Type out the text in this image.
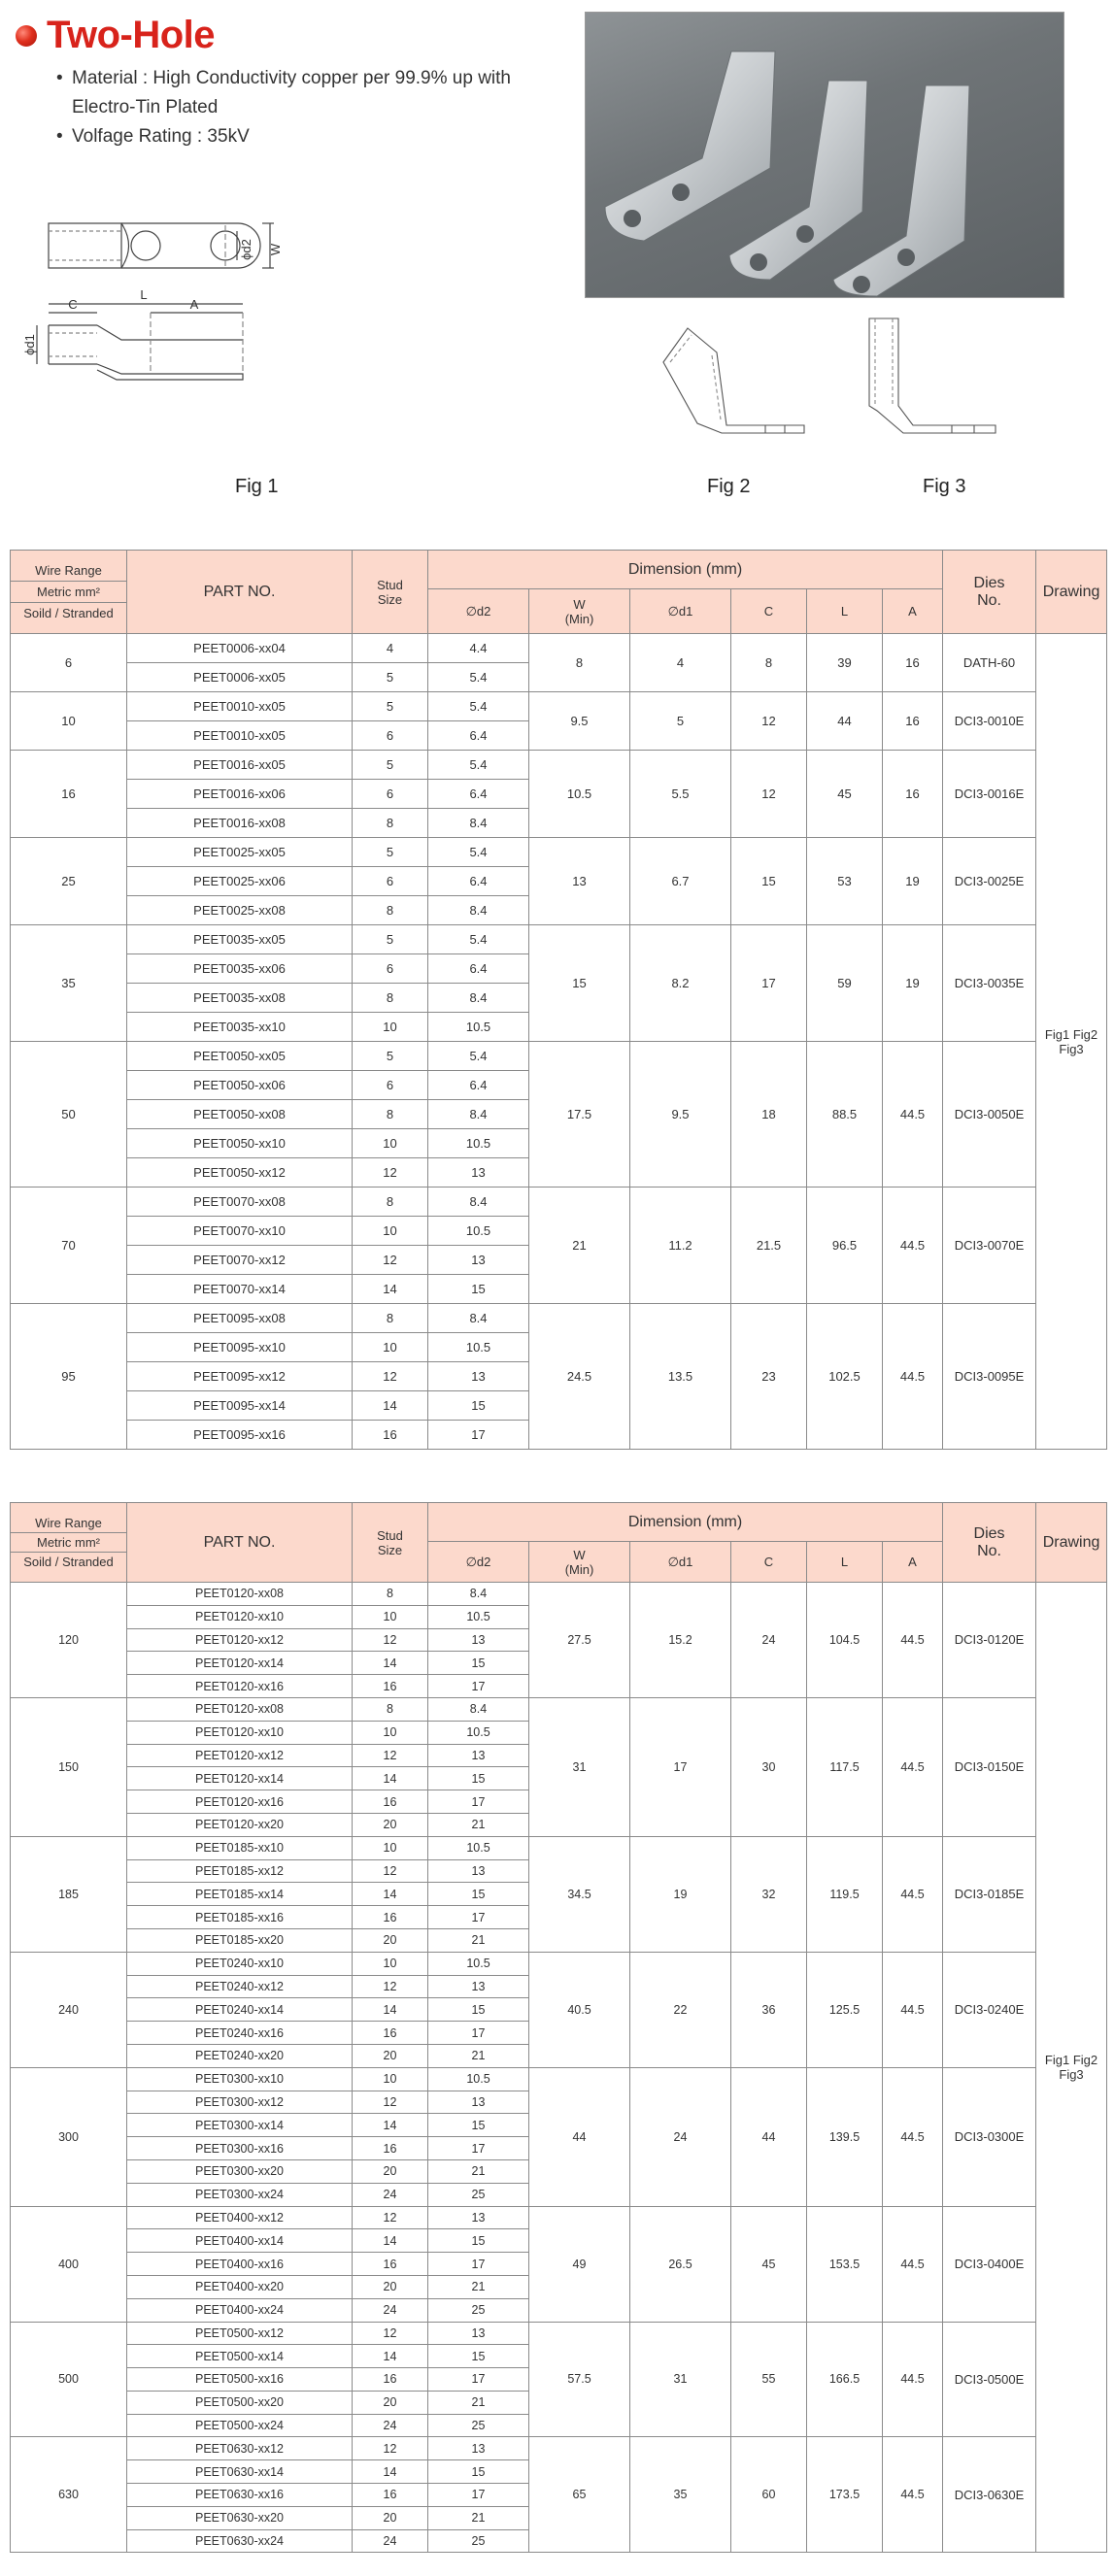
Two-Hole
• Material : High Conductivity copper per 99.9% up with Electro-Tin Plated
• Volfage Rating : 35kV
ϕd2 W
L
C	A
ϕd1
Fig 1	Fig 2	Fig 3
Wire Range
Metric mm²
Soild / Stranded	PART NO.	Stud Size	Dimension (mm)						Dies No.	Drawing
			∅d2	W (Min)	∅d1	C	L	A		
6	PEET0006-xx04	4	4.4	8	4	8	39	16	DATH-60	Fig1 Fig2 Fig3
	PEET0006-xx05	5	5.4							
10	PEET0010-xx05	5	5.4	9.5	5	12	44	16	DCI3-0010E	
	PEET0010-xx05	6	6.4							
16	PEET0016-xx05	5	5.4	10.5	5.5	12	45	16	DCI3-0016E	
	PEET0016-xx06	6	6.4							
	PEET0016-xx08	8	8.4							
25	PEET0025-xx05	5	5.4	13	6.7	15	53	19	DCI3-0025E	
	PEET0025-xx06	6	6.4							
	PEET0025-xx08	8	8.4							
35	PEET0035-xx05	5	5.4	15	8.2	17	59	19	DCI3-0035E	
	PEET0035-xx06	6	6.4							
	PEET0035-xx08	8	8.4							
	PEET0035-xx10	10	10.5							
50	PEET0050-xx05	5	5.4	17.5	9.5	18	88.5	44.5	DCI3-0050E	
	PEET0050-xx06	6	6.4							
	PEET0050-xx08	8	8.4							
	PEET0050-xx10	10	10.5							
	PEET0050-xx12	12	13							
70	PEET0070-xx08	8	8.4	21	11.2	21.5	96.5	44.5	DCI3-0070E	
	PEET0070-xx10	10	10.5							
	PEET0070-xx12	12	13							
	PEET0070-xx14	14	15							
95	PEET0095-xx08	8	8.4	24.5	13.5	23	102.5	44.5	DCI3-0095E	
	PEET0095-xx10	10	10.5							
	PEET0095-xx12	12	13							
	PEET0095-xx14	14	15							
	PEET0095-xx16	16	17							
Wire Range
Metric mm²
Soild / Stranded	PART NO.	Stud Size	Dimension (mm)						Dies No.	Drawing
			∅d2	W (Min)	∅d1	C	L	A		
120	PEET0120-xx08	8	8.4	27.5	15.2	24	104.5	44.5	DCI3-0120E	Fig1 Fig2 Fig3
	PEET0120-xx10	10	10.5							
	PEET0120-xx12	12	13							
	PEET0120-xx14	14	15							
	PEET0120-xx16	16	17							
150	PEET0120-xx08	8	8.4	31	17	30	117.5	44.5	DCI3-0150E	
	PEET0120-xx10	10	10.5							
	PEET0120-xx12	12	13							
	PEET0120-xx14	14	15							
	PEET0120-xx16	16	17							
	PEET0120-xx20	20	21							
185	PEET0185-xx10	10	10.5	34.5	19	32	119.5	44.5	DCI3-0185E	
	PEET0185-xx12	12	13							
	PEET0185-xx14	14	15							
	PEET0185-xx16	16	17							
	PEET0185-xx20	20	21							
240	PEET0240-xx10	10	10.5	40.5	22	36	125.5	44.5	DCI3-0240E	
	PEET0240-xx12	12	13							
	PEET0240-xx14	14	15							
	PEET0240-xx16	16	17							
	PEET0240-xx20	20	21							
300	PEET0300-xx10	10	10.5	44	24	44	139.5	44.5	DCI3-0300E	
	PEET0300-xx12	12	13							
	PEET0300-xx14	14	15							
	PEET0300-xx16	16	17							
	PEET0300-xx20	20	21							
	PEET0300-xx24	24	25							
400	PEET0400-xx12	12	13	49	26.5	45	153.5	44.5	DCI3-0400E	
	PEET0400-xx14	14	15							
	PEET0400-xx16	16	17							
	PEET0400-xx20	20	21							
	PEET0400-xx24	24	25							
500	PEET0500-xx12	12	13	57.5	31	55	166.5	44.5	DCI3-0500E	
	PEET0500-xx14	14	15							
	PEET0500-xx16	16	17							
	PEET0500-xx20	20	21							
	PEET0500-xx24	24	25							
630	PEET0630-xx12	12	13	65	35	60	173.5	44.5	DCI3-0630E	
	PEET0630-xx14	14	15							
	PEET0630-xx16	16	17							
	PEET0630-xx20	20	21							
	PEET0630-xx24	24	25							
